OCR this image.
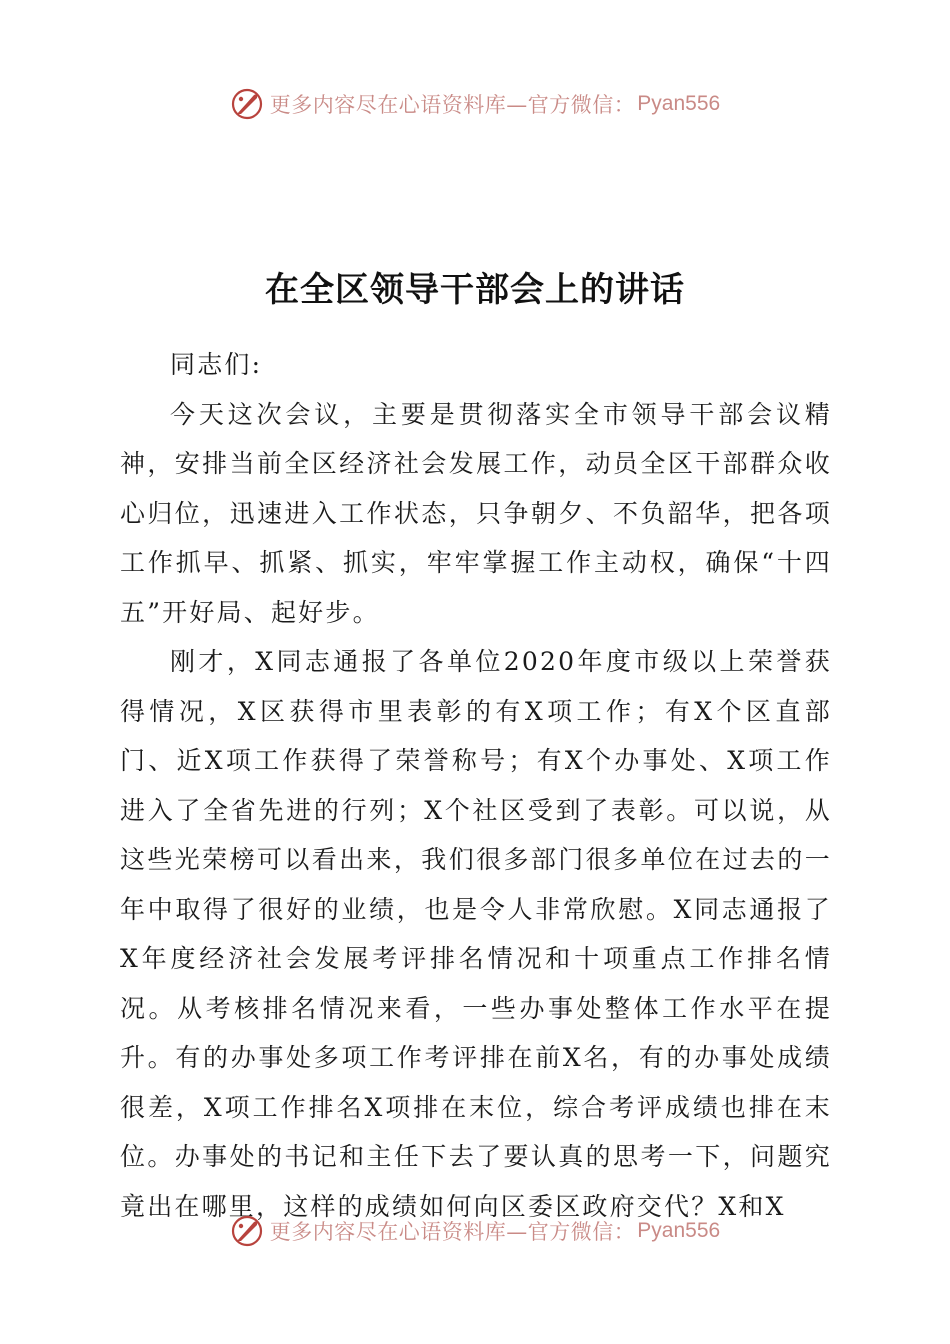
更多内容尽在心语资料库—官方微信： Pyan556
在全区领导干部会上的讲话

同志们:

今天这次会议，主要是贯彻落实全市领导干部会议精神，安排当前全区经济社会发展工作，动员全区干部群众收心归位，迅速进入工作状态，只争朝夕、不负韶华，把各项工作抓早、抓紧、抓实，牢牢掌握工作主动权，确保“十四五”开好局、起好步。

刚才，X同志通报了各单位2020年度市级以上荣誉获得情况，X区获得市里表彰的有X项工作；有X个区直部门、近X项工作获得了荣誉称号；有X个办事处、X项工作进入了全省先进的行列；X个社区受到了表彰。可以说，从这些光荣榜可以看出来，我们很多部门很多单位在过去的一年中取得了很好的业绩，也是令人非常欣慰。X同志通报了X年度经济社会发展考评排名情况和十项重点工作排名情况。从考核排名情况来看，一些办事处整体工作水平在提升。有的办事处多项工作考评排在前X名，有的办事处成绩很差，X项工作排名X项排在末位，综合考评成绩也排在末位。办事处的书记和主任下去了要认真的思考一下，问题究竟出在哪里，这样的成绩如何向区委区政府交代？X和X

更多内容尽在心语资料库—官方微信： Pyan556
